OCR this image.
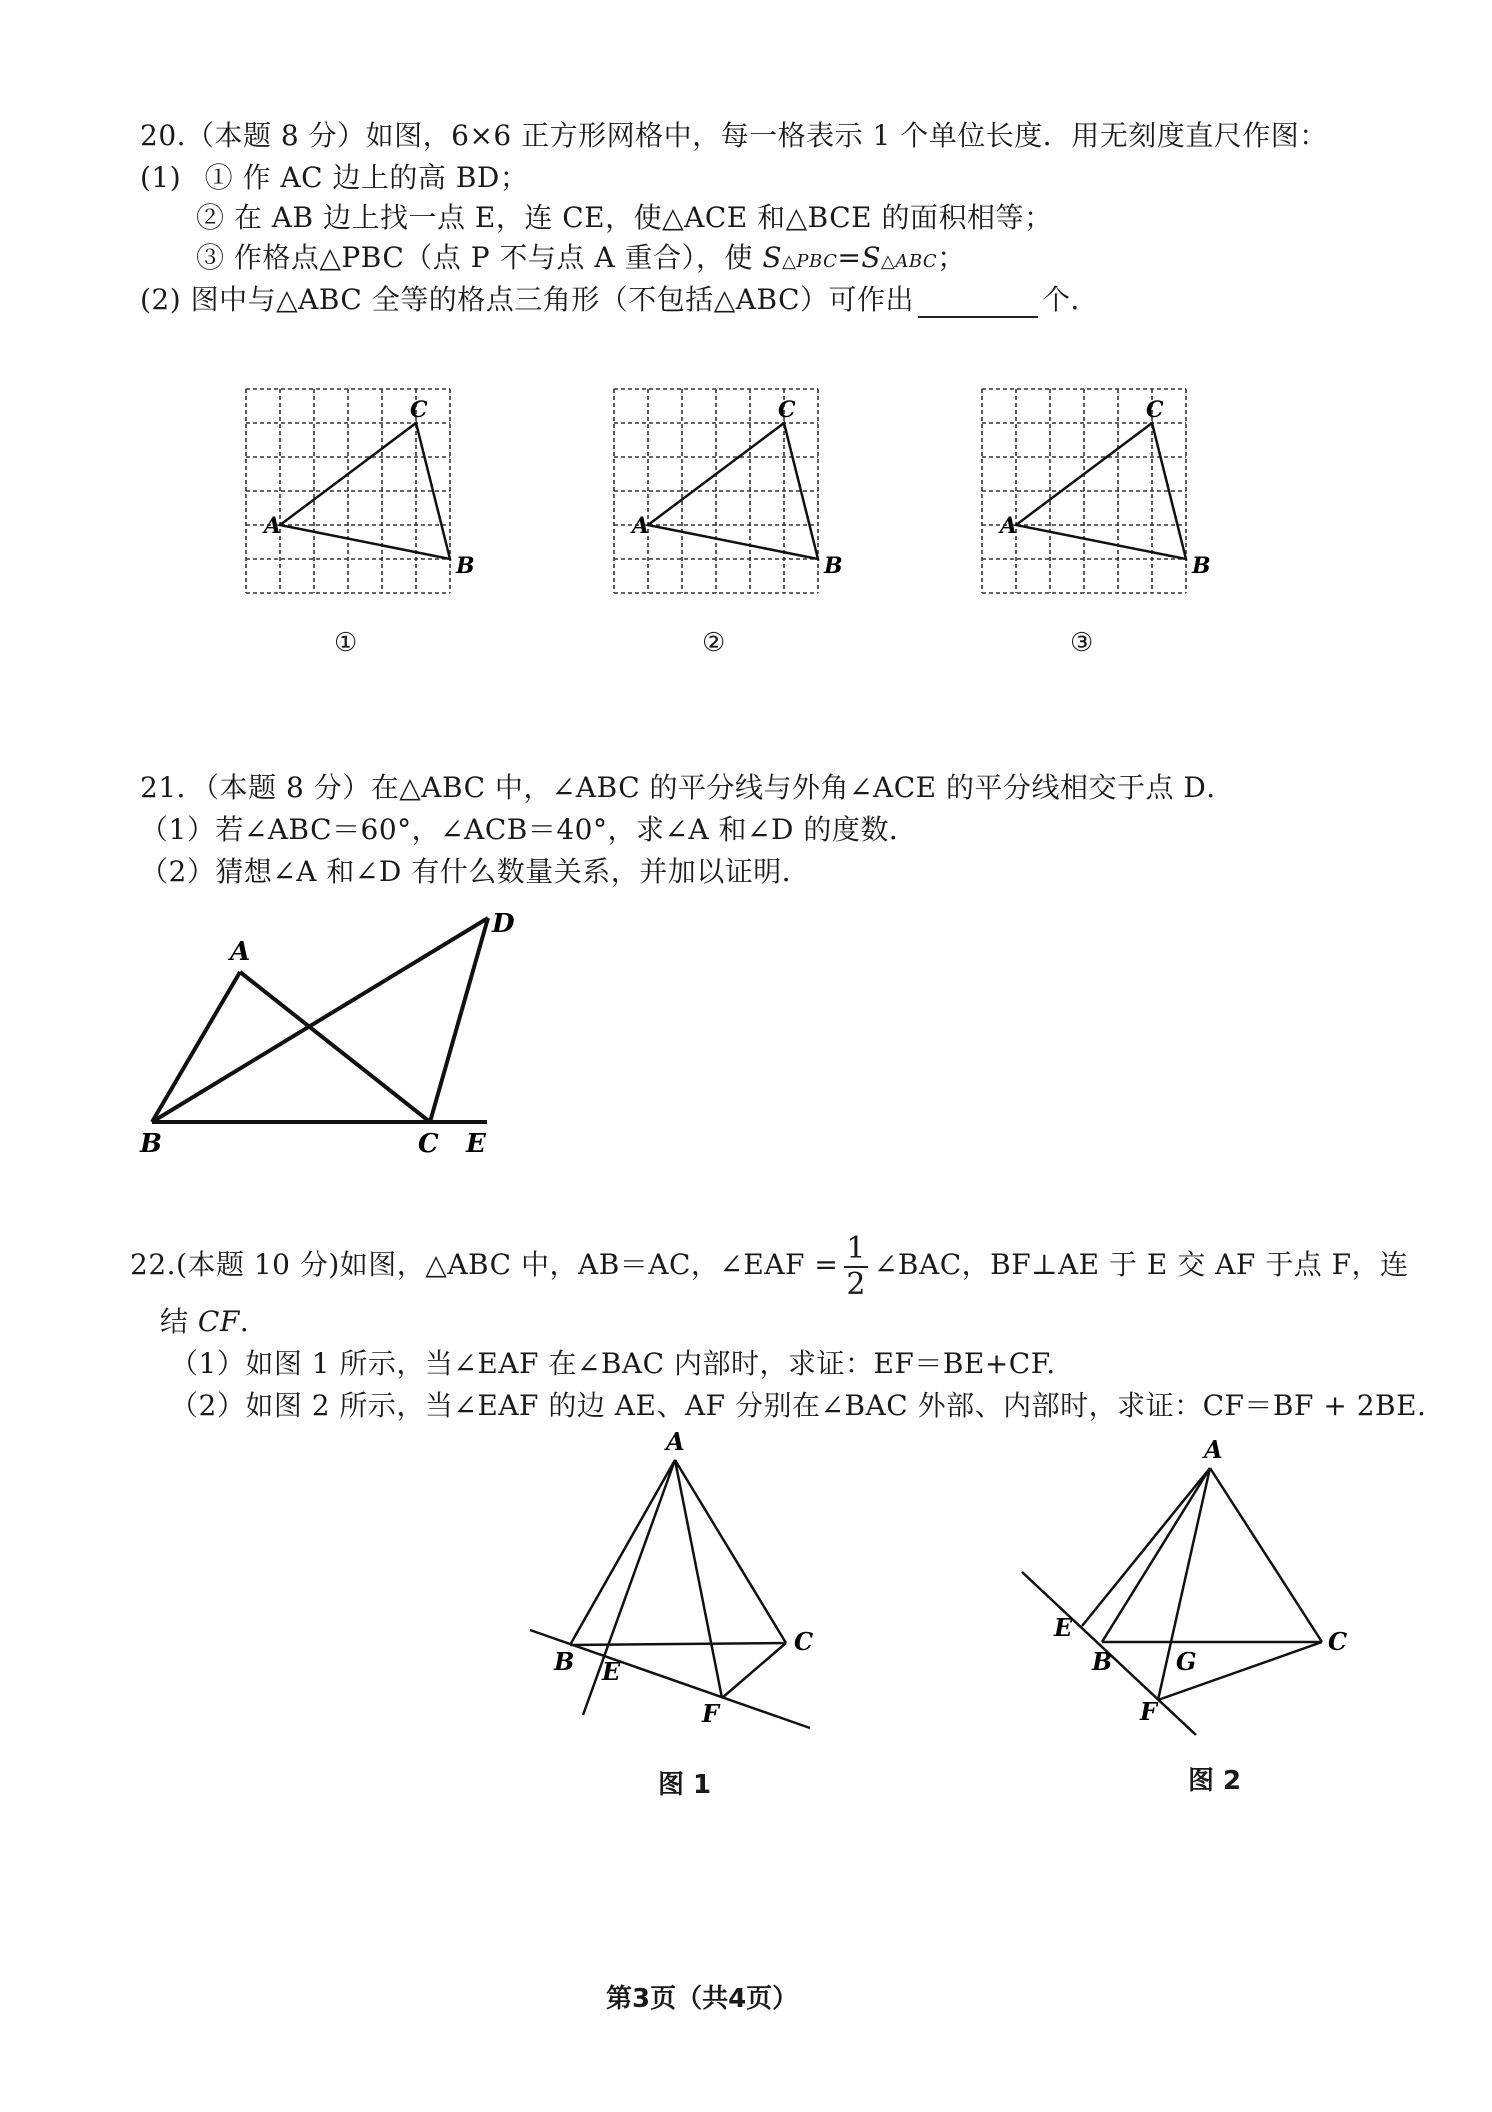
20.（本题 8 分）如图，6×6 正方形网格中，每一格表示 1 个单位长度．用无刻度直尺作图：
(1) ① 作 AC 边上的高 BD；
② 在 AB 边上找一点 E，连 CE，使△ACE 和△BCE 的面积相等；
③ 作格点△PBC（点 P 不与点 A 重合），使 S△PBC=S△ABC；
(2) 图中与△ABC 全等的格点三角形（不包括△ABC）可作出	个．
A
B
C
A
B
C
A
B
C
①	②	③
21．（本题 8 分）在△ABC 中，∠ABC 的平分线与外角∠ACE 的平分线相交于点 D．
（1）若∠ABC＝60°，∠ACB＝40°，求∠A 和∠D 的度数．
（2）猜想∠A 和∠D 有什么数量关系，并加以证明．
A
D
B	C E
22.(本题 10 分)如图，△ABC 中，AB＝AC，∠EAF = $\frac{1}{2}$ ∠BAC，BF⊥AE 于 E 交 AF 于点 F，连
结 CF.
（1）如图 1 所示，当∠EAF 在∠BAC 内部时，求证：EF＝BE+CF.
（2）如图 2 所示，当∠EAF 的边 AE、AF 分别在∠BAC 外部、内部时，求证：CF＝BF + 2BE.
A
B
C
E
F
图 1
A
E
B	G
C
F
图 2
第3页（共4页）
